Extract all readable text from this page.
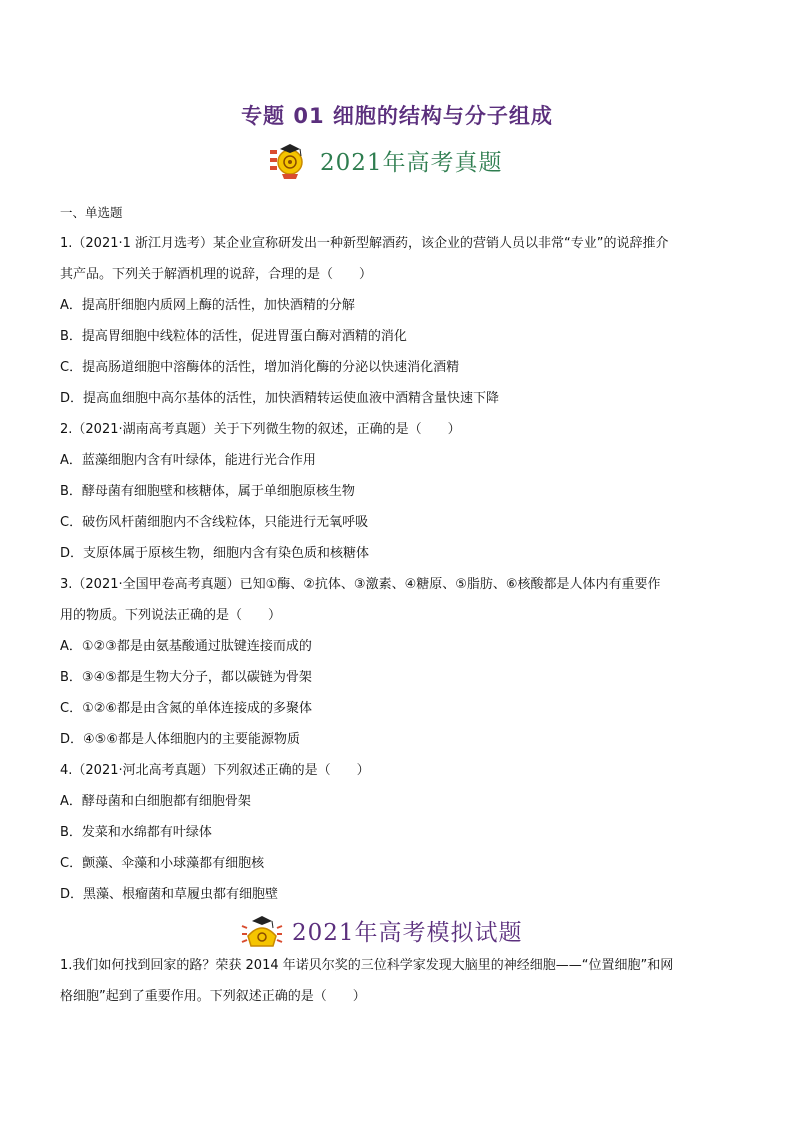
专题 01 细胞的结构与分子组成
2021年高考真题
一、单选题
1.（2021·1 浙江月选考）某企业宣称研发出一种新型解酒药，该企业的营销人员以非常“专业”的说辞推介
其产品。下列关于解酒机理的说辞，合理的是（　　）
A．提高肝细胞内质网上酶的活性，加快酒精的分解
B．提高胃细胞中线粒体的活性，促进胃蛋白酶对酒精的消化
C．提高肠道细胞中溶酶体的活性，增加消化酶的分泌以快速消化酒精
D．提高血细胞中高尔基体的活性，加快酒精转运使血液中酒精含量快速下降
2.（2021·湖南高考真题）关于下列微生物的叙述，正确的是（　　）
A．蓝藻细胞内含有叶绿体，能进行光合作用
B．酵母菌有细胞壁和核糖体，属于单细胞原核生物
C．破伤风杆菌细胞内不含线粒体，只能进行无氧呼吸
D．支原体属于原核生物，细胞内含有染色质和核糖体
3.（2021·全国甲卷高考真题）已知①酶、②抗体、③激素、④糖原、⑤脂肪、⑥核酸都是人体内有重要作
用的物质。下列说法正确的是（　　）
A．①②③都是由氨基酸通过肽键连接而成的
B．③④⑤都是生物大分子，都以碳链为骨架
C．①②⑥都是由含氮的单体连接成的多聚体
D．④⑤⑥都是人体细胞内的主要能源物质
4.（2021·河北高考真题）下列叙述正确的是（　　）
A．酵母菌和白细胞都有细胞骨架
B．发菜和水绵都有叶绿体
C．颤藻、伞藻和小球藻都有细胞核
D．黑藻、根瘤菌和草履虫都有细胞壁
2021年高考模拟试题
1.我们如何找到回家的路？荣获 2014 年诺贝尔奖的三位科学家发现大脑里的神经细胞——“位置细胞”和网
格细胞”起到了重要作用。下列叙述正确的是（　　）
